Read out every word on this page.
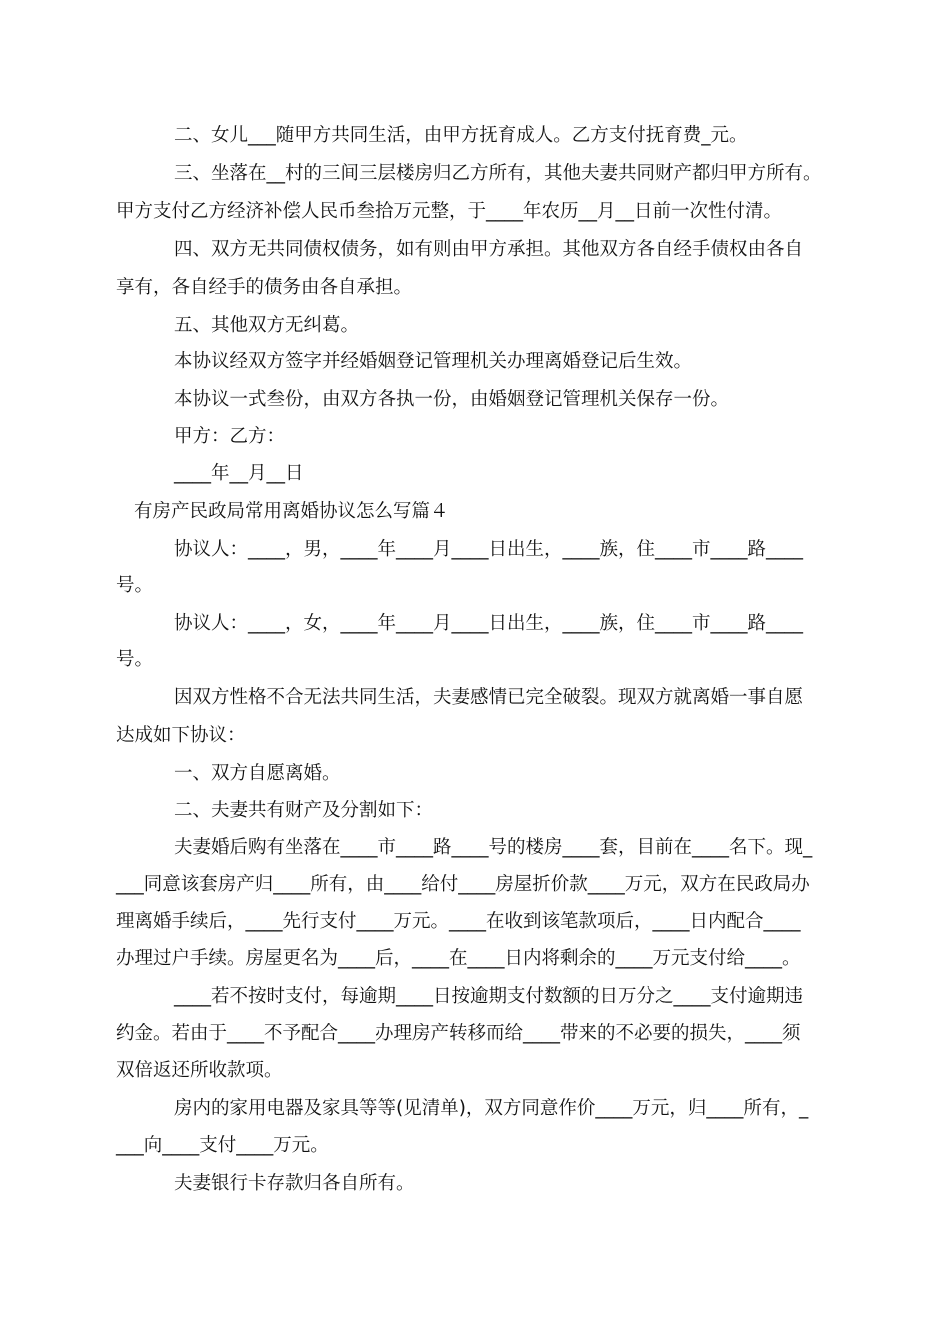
二、女儿___随甲方共同生活，由甲方抚育成人。乙方支付抚育费_元。

三、坐落在__村的三间三层楼房归乙方所有，其他夫妻共同财产都归甲方所有。

甲方支付乙方经济补偿人民币叁拾万元整，于____年农历__月__日前一次性付清。

四、双方无共同债权债务，如有则由甲方承担。其他双方各自经手债权由各自

享有，各自经手的债务由各自承担。

五、其他双方无纠葛。

本协议经双方签字并经婚姻登记管理机关办理离婚登记后生效。

本协议一式叁份，由双方各执一份，由婚姻登记管理机关保存一份。

甲方：乙方：

____年__月__日

有房产民政局常用离婚协议怎么写篇４

协议人：____，男，____年____月____日出生，____族，住____市____路____

号。

协议人：____，女，____年____月____日出生，____族，住____市____路____

号。

因双方性格不合无法共同生活，夫妻感情已完全破裂。现双方就离婚一事自愿

达成如下协议：

一、双方自愿离婚。

二、夫妻共有财产及分割如下：

夫妻婚后购有坐落在____市____路____号的楼房____套，目前在____名下。现_

___同意该套房产归____所有，由____给付____房屋折价款____万元，双方在民政局办

理离婚手续后，____先行支付____万元。____在收到该笔款项后，____日内配合____

办理过户手续。房屋更名为____后，____在____日内将剩余的____万元支付给____。

____若不按时支付，每逾期____日按逾期支付数额的日万分之____支付逾期违

约金。若由于____不予配合____办理房产转移而给____带来的不必要的损失，____须

双倍返还所收款项。

房内的家用电器及家具等等(见清单)，双方同意作价____万元，归____所有，_

___向____支付____万元。

夫妻银行卡存款归各自所有。
